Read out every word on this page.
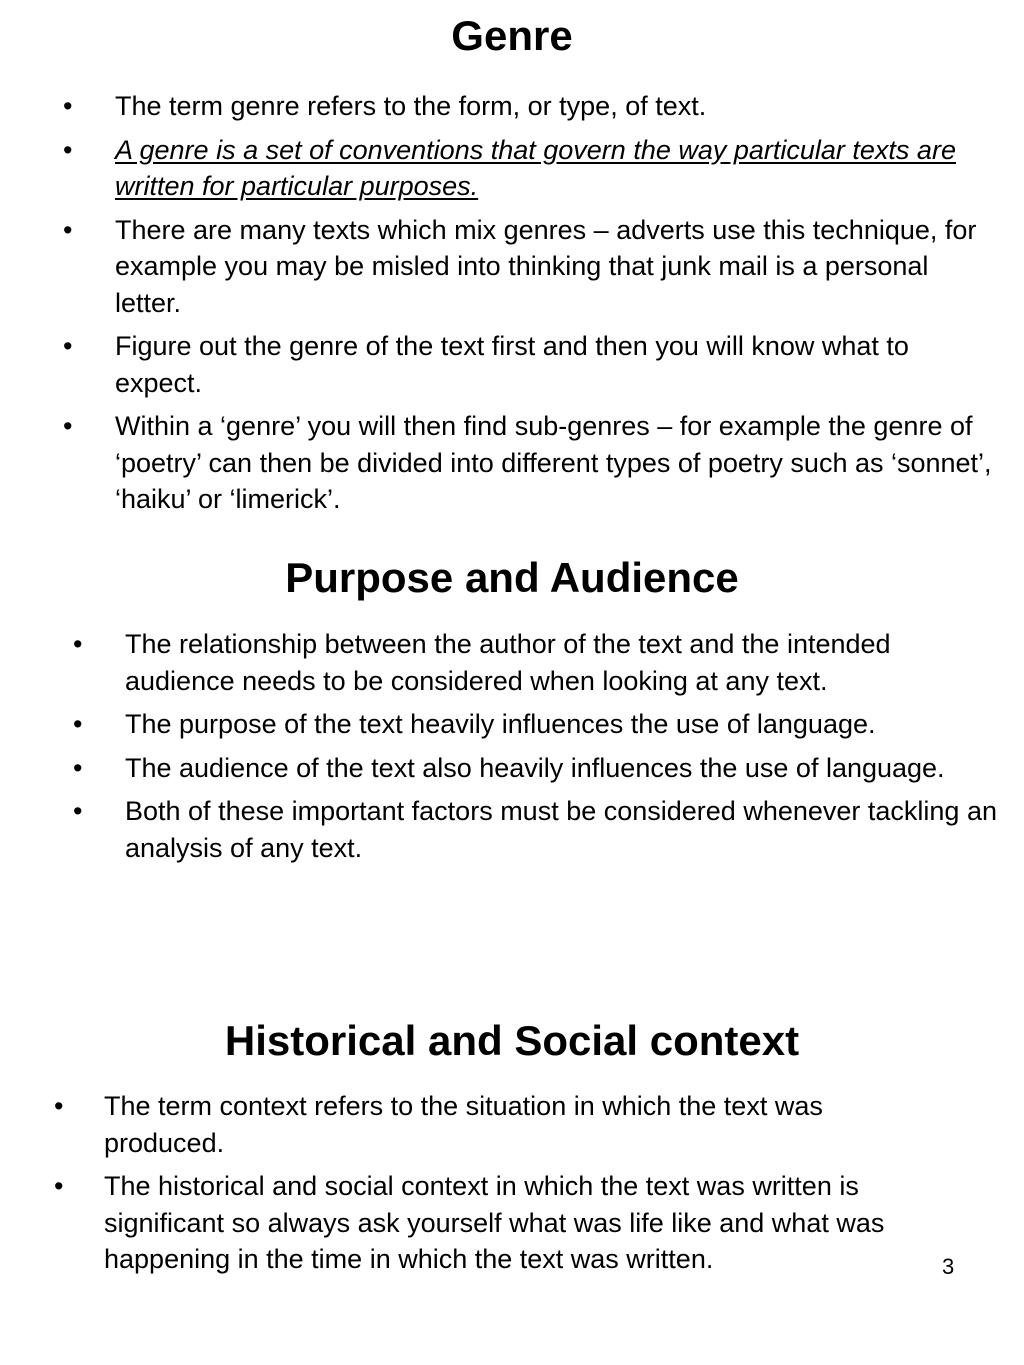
Genre
• The term genre refers to the form, or type, of text.
• A genre is a set of conventions that govern the way particular texts are written for particular purposes.
• There are many texts which mix genres – adverts use this technique, for example you may be misled into thinking that junk mail is a personal letter.
• Figure out the genre of the text first and then you will know what to expect.
• Within a ‘genre’ you will then find sub-genres – for example the genre of ‘poetry’ can then be divided into different types of poetry such as ‘sonnet’, ‘haiku’ or ‘limerick’.
Purpose and Audience
• The relationship between the author of the text and the intended audience needs to be considered when looking at any text.
• The purpose of the text heavily influences the use of language.
• The audience of the text also heavily influences the use of language.
• Both of these important factors must be considered whenever tackling an analysis of any text.
Historical and Social context
• The term context refers to the situation in which the text was produced.
• The historical and social context in which the text was written is significant so always ask yourself what was life like and what was happening in the time in which the text was written.	3
